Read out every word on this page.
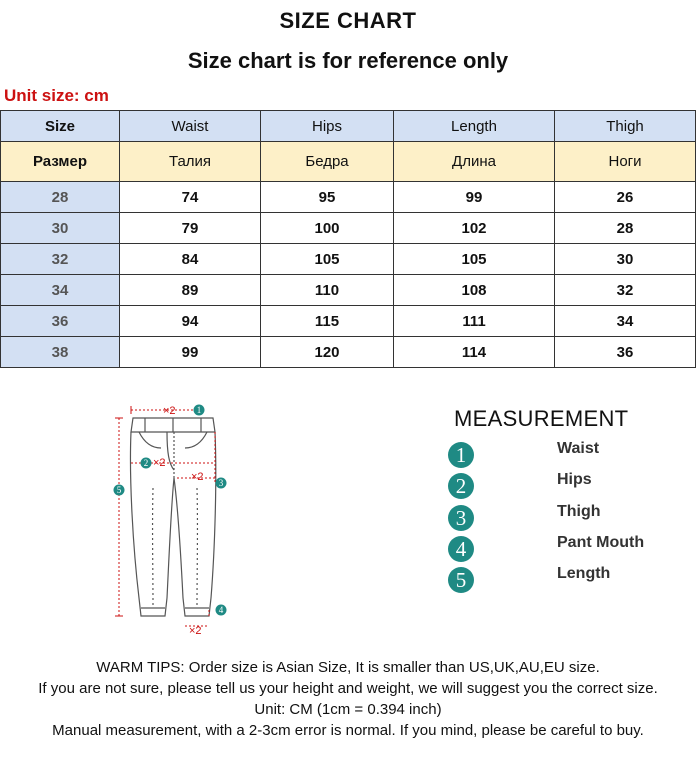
SIZE CHART
Size chart is for reference only
Unit size: cm
Size	Waist	Hips	Length	Thigh
Размер	Талия	Бедра	Длина	Ноги
28	74	95	99	26
30	79	100	102	28
32	84	105	105	30
34	89	110	108	32
36	94	115	111	34
38	99	120	114	36
×2
×2
×2
×2
1
2
3
4
5
MEASUREMENT
1	Waist
2	Hips
3	Thigh
4	Pant Mouth
5	Length
WARM TIPS: Order size is Asian Size, It is smaller than US,UK,AU,EU size.
If you are not sure, please tell us your height and weight, we will suggest you the correct size.
Unit: CM (1cm = 0.394 inch)
Manual measurement, with a 2-3cm error is normal. If you mind, please be careful to buy.
